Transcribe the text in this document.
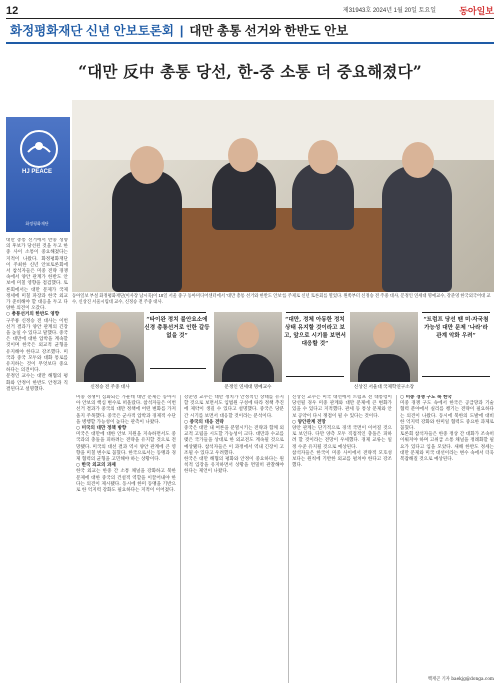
12	제31943호 2024년 1월 20일 토요일	동아일보
화정평화재단 신년 안보토론회 | 대만 총통 선거와 한반도 안보
“대만 反中 총통 당선, 한-중 소통 더 중요해졌다”
HJ PEACE
화정평화재단
동아일보 부설 화정평화재단(이사장 남시욱)이 18일 서울 중구 동아미디어센터에서 '대만 총통 선거와 한반도 안보'를 주제로 신년 토론회를 열었다. 왼쪽부터 신정승 전 주중 대사, 문정인 연세대 명예교수, 강준영 한국외국어대 교수, 신상진 서울시립대 교수, 신정승 전 주중 대사.
대만 총통 선거에서 반중 성향의 후보가 당선된 것을 두고 한중 사이 소통이 중요해졌다는 지적이 나왔다. 화정평화재단이 주최한 신년 안보토론회에서 참석자들은 미중 전략 경쟁 속에서 양안 관계가 한반도 안보에 미칠 영향을 점검했다. 토론회에서는 대만 문제가 국제 정세에 미칠 파장과 한국 외교가 준비해야 할 대응을 두고 다양한 의견이 오갔다.
○ 총통선거의 한반도 영향
구주룡 신정승 전 대사는 이번 선거 결과가 양안 관계의 긴장을 높일 수 있다고 말했다. 중국은 대만에 대한 압박을 계속할 것이며 한국은 외교적 균형을 유지해야 한다고 강조했다. 미국과 중국 모두와 대화 통로를 유지하는 것이 무엇보다 중요하다는 의견이다.
문정인 교수는 대만 해협의 평화와 안정이 한반도 안정과 직결된다고 설명했다.
신정승 전 주중 대사	문정인 연세대 명예교수	신상진 서울대 국제학연구소장
“타이완 정치 불안요소에 신경 총통선거로 인한 갈등 없을 것”
“대만, 정체 아동한 정치 상태 유지할 것이라고 보고, 앞으로 시기를 보면서 대응할 것”
“트럼프 당선 땐 미·자국첨 가능성 대만 문제 ‘나라’라 관계 악화 우려”
미중 경쟁이 심화되는 가운데 대만 문제는 동아시아 안보의 핵심 변수로 떠올랐다. 참석자들은 이번 선거 결과가 중국의 대만 정책에 어떤 변화를 가져올지 주목했다. 중국은 군사적 압박과 경제적 수단을 병행할 가능성이 높다는 관측이 나왔다.
○ 미국의 대만 정책 방향
미국은 대만에 대한 안보 지원을 지속하면서도 중국과의 충돌을 피하려는 전략을 유지할 것으로 전망됐다. 미국의 대선 결과 역시 양안 관계에 큰 영향을 미칠 변수로 꼽혔다. 한국으로서는 동맹과 경제 협력의 균형을 고민해야 하는 상황이다.
○ 한국 외교의 과제
한국 외교는 한중 간 소통 채널을 강화하고 북한 문제에 대한 중국의 건설적 역할을 이끌어내야 한다는 의견이 제시됐다. 동시에 한미 동맹을 기반으로 한 억지력 강화도 필요하다는 지적이 이어졌다.
강준영 교수는 대만 정치가 안정적인 상태를 유지할 것으로 보면서도 입법원 구성에 따라 정책 추진에 제약이 생길 수 있다고 설명했다. 중국은 당분간 시기를 보면서 대응할 것이라는 분석이다.
○ 중국의 대응 전략
중국은 대만 내 여론을 분열시키는 전략과 함께 외교적 고립을 시도할 가능성이 크다. 대만과 수교를 맺은 국가들을 상대로 한 외교전도 계속될 것으로 예상됐다. 참석자들은 이 과정에서 역내 긴장이 고조될 수 있다고 우려했다.
한국은 대만 해협의 평화와 안정이 중요하다는 원칙적 입장을 유지하면서 상황을 면밀히 관찰해야 한다는 제언이 나왔다.
신상진 교수는 미국 대선에서 트럼프 전 대통령이 당선될 경우 미중 관계와 대만 문제에 큰 변화가 있을 수 있다고 지적했다. 관세 등 통상 문제와 안보 공약이 다시 쟁점이 될 수 있다는 것이다.
○ 양안관계 전망
양안 관계는 단기적으로 경색 국면이 이어질 것으로 보인다. 다만 양측 모두 직접적인 충돌은 피하려 할 것이라는 전망이 우세했다. 경제 교류는 일정 수준 유지될 것으로 예상된다.
참석자들은 한국이 미중 사이에서 전략적 모호성보다는 원칙에 기반한 외교를 펼쳐야 한다고 강조했다.
○ 미중 경쟁 구도 속 한국
미중 경쟁 구도 속에서 한국은 공급망과 기술 협력 분야에서 실리를 챙기는 전략이 필요하다는 의견이 나왔다. 동시에 북한의 도발에 대비한 억지력 강화와 한미일 협력도 중요한 과제로 꼽혔다.
토론회 참석자들은 한중 정상 간 대화가 조속히 이뤄져야 하며 고위급 소통 채널을 정례화할 필요가 있다고 입을 모았다. 새해 한반도 정세는 대만 문제와 미국 대선이라는 변수 속에서 더욱 복잡해질 것으로 예상된다.
백재곤 기자 baekjg@donga.com
